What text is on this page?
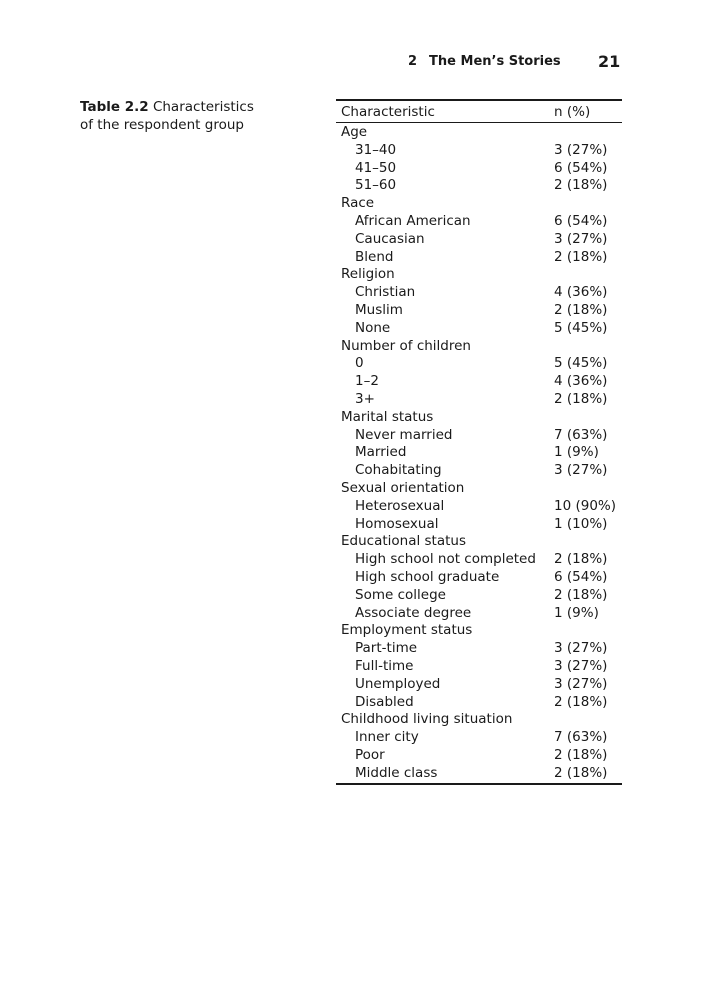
2 The Men’s Stories 21
Table 2.2 Characteristics of the respondent group
Characteristic	n (%)
Age
31–40	3 (27%)
41–50	6 (54%)
51–60	2 (18%)
Race
African American	6 (54%)
Caucasian	3 (27%)
Blend	2 (18%)
Religion
Christian	4 (36%)
Muslim	2 (18%)
None	5 (45%)
Number of children
0	5 (45%)
1–2	4 (36%)
3+	2 (18%)
Marital status
Never married	7 (63%)
Married	1 (9%)
Cohabitating	3 (27%)
Sexual orientation
Heterosexual	10 (90%)
Homosexual	1 (10%)
Educational status
High school not completed 2 (18%)
High school graduate	6 (54%)
Some college	2 (18%)
Associate degree	1 (9%)
Employment status
Part-time	3 (27%)
Full-time	3 (27%)
Unemployed	3 (27%)
Disabled	2 (18%)
Childhood living situation
Inner city	7 (63%)
Poor	2 (18%)
Middle class	2 (18%)
